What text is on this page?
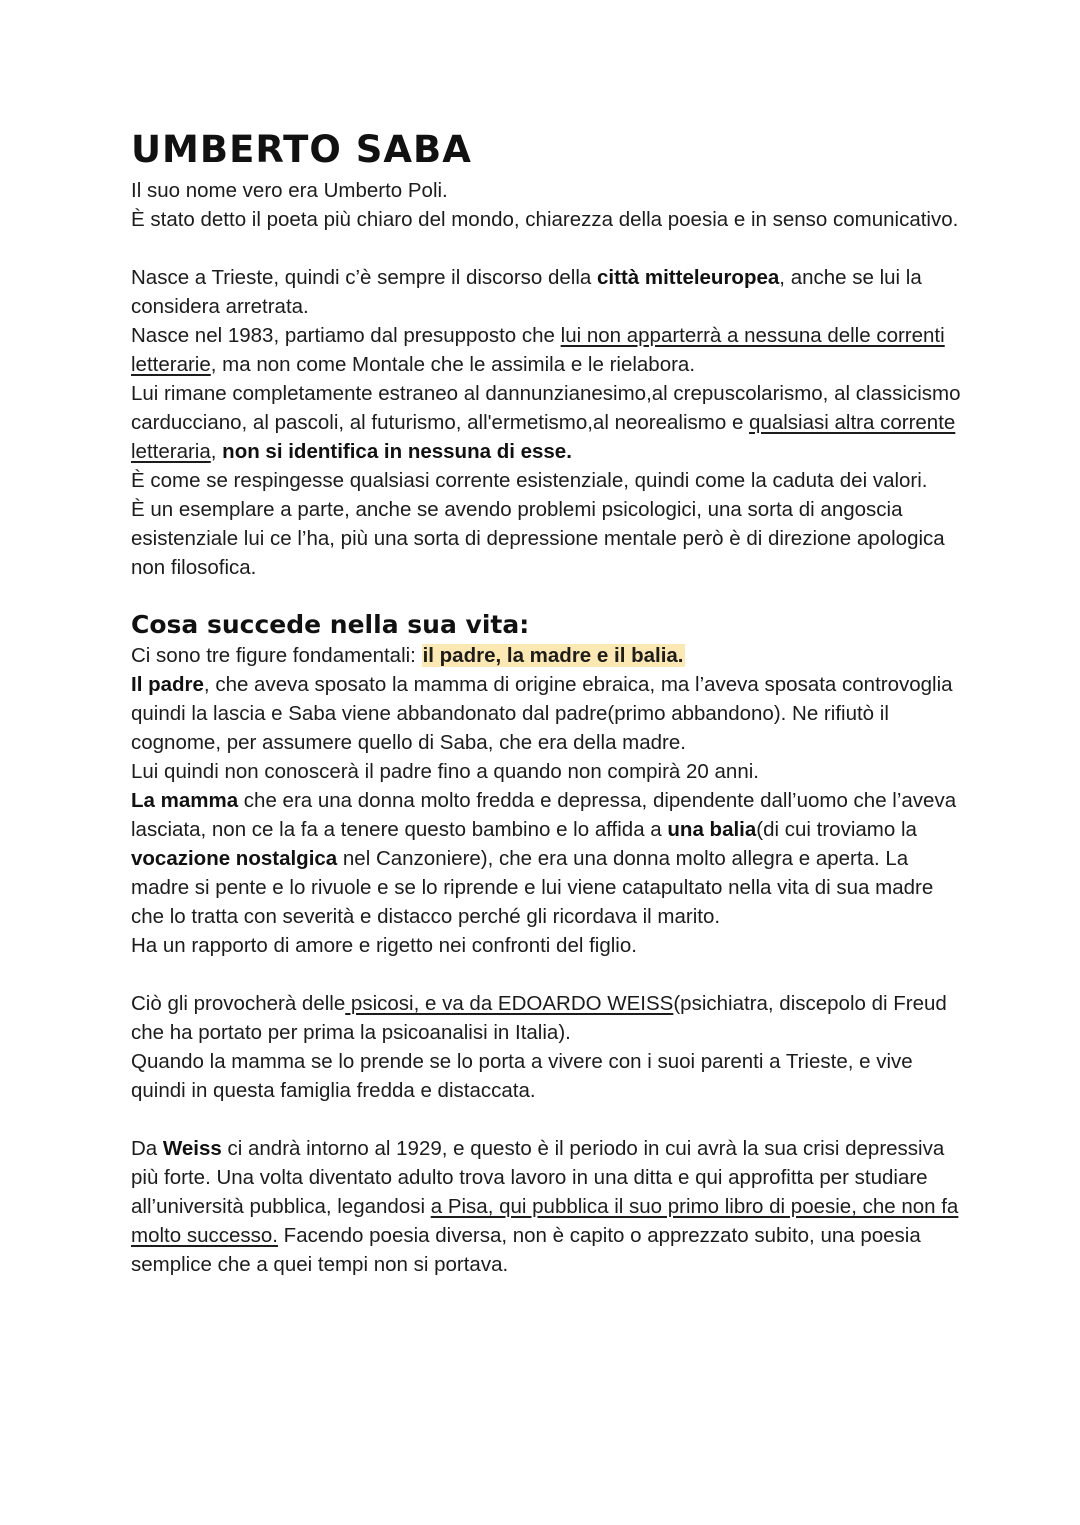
UMBERTO SABA

Il suo nome vero era Umberto Poli.

È stato detto il poeta più chiaro del mondo, chiarezza della poesia e in senso comunicativo.

Nasce a Trieste, quindi c’è sempre il discorso della città mitteleuropea, anche se lui la considera arretrata.

Nasce nel 1983, partiamo dal presupposto che lui non apparterrà a nessuna delle correnti letterarie, ma non come Montale che le assimila e le rielabora.

Lui rimane completamente estraneo al dannunzianesimo,al crepuscolarismo, al classicismo carducciano, al pascoli, al futurismo, all'ermetismo,al neorealismo e qualsiasi altra corrente letteraria, non si identifica in nessuna di esse.

È come se respingesse qualsiasi corrente esistenziale, quindi come la caduta dei valori.

È un esemplare a parte, anche se avendo problemi psicologici, una sorta di angoscia esistenziale lui ce l’ha, più una sorta di depressione mentale però è di direzione apologica non filosofica.

Cosa succede nella sua vita:

Ci sono tre figure fondamentali: il padre, la madre e il balia.

Il padre, che aveva sposato la mamma di origine ebraica, ma l’aveva sposata controvoglia quindi la lascia e Saba viene abbandonato dal padre(primo abbandono). Ne rifiutò il cognome, per assumere quello di Saba, che era della madre.

Lui quindi non conoscerà il padre fino a quando non compirà 20 anni.

La mamma che era una donna molto fredda e depressa, dipendente dall’uomo che l’aveva lasciata, non ce la fa a tenere questo bambino e lo affida a una balia(di cui troviamo la vocazione nostalgica nel Canzoniere), che era una donna molto allegra e aperta. La madre si pente e lo rivuole e se lo riprende e lui viene catapultato nella vita di sua madre che lo tratta con severità e distacco perché gli ricordava il marito.

Ha un rapporto di amore e rigetto nei confronti del figlio.

Ciò gli provocherà delle psicosi, e va da EDOARDO WEISS(psichiatra, discepolo di Freud che ha portato per prima la psicoanalisi in Italia).

Quando la mamma se lo prende se lo porta a vivere con i suoi parenti a Trieste, e vive quindi in questa famiglia fredda e distaccata.

Da Weiss ci andrà intorno al 1929, e questo è il periodo in cui avrà la sua crisi depressiva più forte. Una volta diventato adulto trova lavoro in una ditta e qui approfitta per studiare all’università pubblica, legandosi a Pisa, qui pubblica il suo primo libro di poesie, che non fa molto successo. Facendo poesia diversa, non è capito o apprezzato subito, una poesia semplice che a quei tempi non si portava.
